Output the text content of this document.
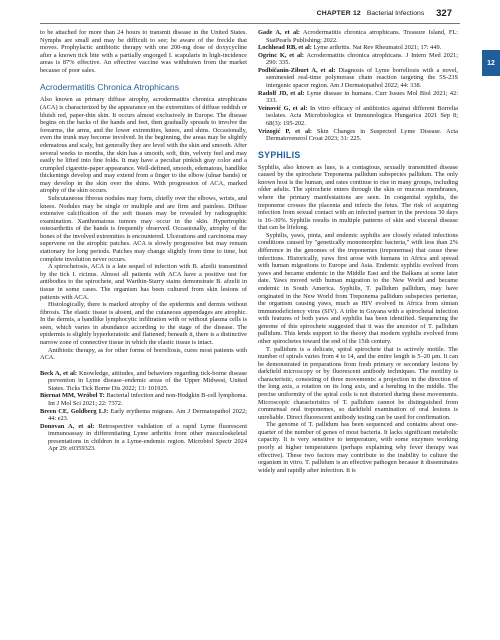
CHAPTER 12 Bacterial Infections 327
12

to be attached for more than 24 hours to transmit disease in the United States. Nymphs are small and may be difficult to see; be aware of the freckle that moves. Prophylactic antibiotic therapy with one 200-mg dose of doxycycline after a known tick bite with a partially engorged I. scapularis in high-incidence areas is 87% effective. An effective vaccine was withdrawn from the market because of poor sales.

Acrodermatitis Chronica Atrophicans

Also known as primary diffuse atrophy, acrodermatitis chronica atrophicans (ACA) is characterized by the appearance on the extremities of diffuse reddish or bluish red, paper-thin skin. It occurs almost exclusively in Europe. The disease begins on the backs of the hands and feet, then gradually spreads to involve the forearms, the arms, and the lower extremities, knees, and shins. Occasionally, even the trunk may become involved. In the beginning, the areas may be slightly edematous and scaly, but generally they are level with the skin and smooth. After several weeks to months, the skin has a smooth, soft, thin, velvety feel and may easily be lifted into fine folds. It may have a peculiar pinkish gray color and a crumpled cigarette-paper appearance. Well-defined, smooth, edematous, bandlike thickenings develop and may extend from a finger to the elbow (ulnar bands) or may develop in the skin over the shins. With progression of ACA, marked atrophy of the skin occurs.

Subcutaneous fibrous nodules may form, chiefly over the elbows, wrists, and knees. Nodules may be single or multiple and are firm and painless. Diffuse extensive calcification of the soft tissues may be revealed by radiographic examination. Xanthomatous tumors may occur in the skin. Hypertrophic osteoarthritis of the hands is frequently observed. Occasionally, atrophy of the bones of the involved extremities is encountered. Ulcerations and carcinoma may supervene on the atrophic patches. ACA is slowly progressive but may remain stationary for long periods. Patches may change slightly from time to time, but complete involution never occurs.

A spirochetosis, ACA is a late sequel of infection with B. afzelii transmitted by the tick I. ricinus. Almost all patients with ACA have a positive test for antibodies to the spirochete, and Warthin-Starry stains demonstrate B. afzelii in tissue in some cases. The organism has been cultured from skin lesions of patients with ACA.

Histologically, there is marked atrophy of the epidermis and dermis without fibrosis. The elastic tissue is absent, and the cutaneous appendages are atrophic. In the dermis, a bandlike lymphocytic infiltration with or without plasma cells is seen, which varies in abundance according to the stage of the disease. The epidermis is slightly hyperkeratotic and flattened; beneath it, there is a distinctive narrow zone of connective tissue in which the elastic tissue is intact.

Antibiotic therapy, as for other forms of borreliosis, cures most patients with ACA.

Beck A, et al: Knowledge, attitudes, and behaviors regarding tick-borne disease prevention in Lyme disease–endemic areas of the Upper Midwest, United States. Ticks Tick Borne Dis 2022; 13: 101925.

Biernat MM, Wróbel T: Bacterial infection and non-Hodgkin B-cell lymphoma. Int J Mol Sci 2021; 22: 7372.

Breen CE, Goldberg LJ: Early erythema migrans. Am J Dermatopathol 2022; 44: e23.

Donovan A, et al: Retrospective validation of a rapid Lyme fluorescent immunoassay in differentiating Lyme arthritis from other musculoskeletal presentations in children in a Lyme-endemic region. Microbiol Spectr 2024 Apr 29: e0359323.

Gade A, et al: Acrodermatitis chronica atrophicans. Treasure Island, FL: StatPearls Publishing; 2022.

Lochhead RB, et al: Lyme arthritis. Nat Rev Rheumatol 2021; 17: 449.

Ogrinc K, et al: Acrodermatitis chronica atrophicans. J Intern Med 2021; 290: 335.

Podbičanin-Ziburt A, et al: Diagnosis of Lyme borreliosis with a novel, seminested real-time polymerase chain reaction targeting the 5S-23S intergenic spacer region. Am J Dermatopathol 2022; 44: 338.

Radolf JD, et al: Lyme disease in humans. Curr Issues Mol Biol 2021; 42: 333.

Veinović G, et al: In vitro efficacy of antibiotics against different Borrelia isolates. Acta Microbiologica et Immunologica Hungarica 2021 Sep 8; 68(3): 195-202.

Vrizogić P, et al: Skin Changes in Suspected Lyme Disease. Acta Dermatovenerol Croat 2023; 31: 225.

SYPHILIS

Syphilis, also known as lues, is a contagious, sexually transmitted disease caused by the spirochete Treponema pallidum subspecies pallidum. The only known host is the human, and rates continue to rise in many groups, including older adults. The spirochete enters through the skin or mucous membranes, where the primary manifestations are seen. In congenital syphilis, the treponeme crosses the placenta and infects the fetus. The risk of acquiring infection from sexual contact with an infected partner in the previous 30 days is 16–30%. Syphilis results in multiple patterns of skin and visceral disease that can be lifelong.

Syphilis, yaws, pinta, and endemic syphilis are closely related infections conditions caused by "genetically monomorphic bacteria," with less than 2% difference in the genomes of the treponemes (treponemas) that cause these infections. Historically, yaws first arose with humans in Africa and spread with human migrations to Europe and Asia. Endemic syphilis evolved from yaws and became endemic in the Middle East and the Balkans at some later date. Yaws moved with human migration to the New World and became endemic in South America. Syphilis, T. pallidum pallidum, may have originated in the New World from Treponema pallidum subspecies pertenue, the organism causing yaws, much as HIV evolved in Africa from simian immunodeficiency virus (SIV). A tribe in Guyana with a spirochetal infection with features of both yaws and syphilis has been identified. Sequencing the genome of this spirochete suggested that it was the ancestor of T. pallidum pallidum. This lends support to the theory that modern syphilis evolved from other spirochetes toward the end of the 15th century.

T. pallidum is a delicate, spiral spirochete that is actively motile. The number of spirals varies from 4 to 14, and the entire length is 5–20 μm. It can be demonstrated in preparations from fresh primary or secondary lesions by darkfield microscopy or by fluorescent antibody techniques. The motility is characteristic, consisting of three movements: a projection in the direction of the long axis, a rotation on its long axis, and a bending in the middle. The precise uniformity of the spiral coils is not distorted during these movements. Microscopic characteristics of T. pallidum cannot be distinguished from commensal oral treponemes, so darkfield examination of oral lesions is unreliable. Direct fluorescent antibody testing can be used for confirmation.

The genome of T. pallidum has been sequenced and contains about one-quarter of the number of genes of most bacteria. It lacks significant metabolic capacity. It is very sensitive to temperature, with some enzymes working poorly at higher temperatures (perhaps explaining why fever therapy was effective). These two factors may contribute to the inability to culture the organism in vitro. T. pallidum is an effective pathogen because it disseminates widely and rapidly after infection. It is
